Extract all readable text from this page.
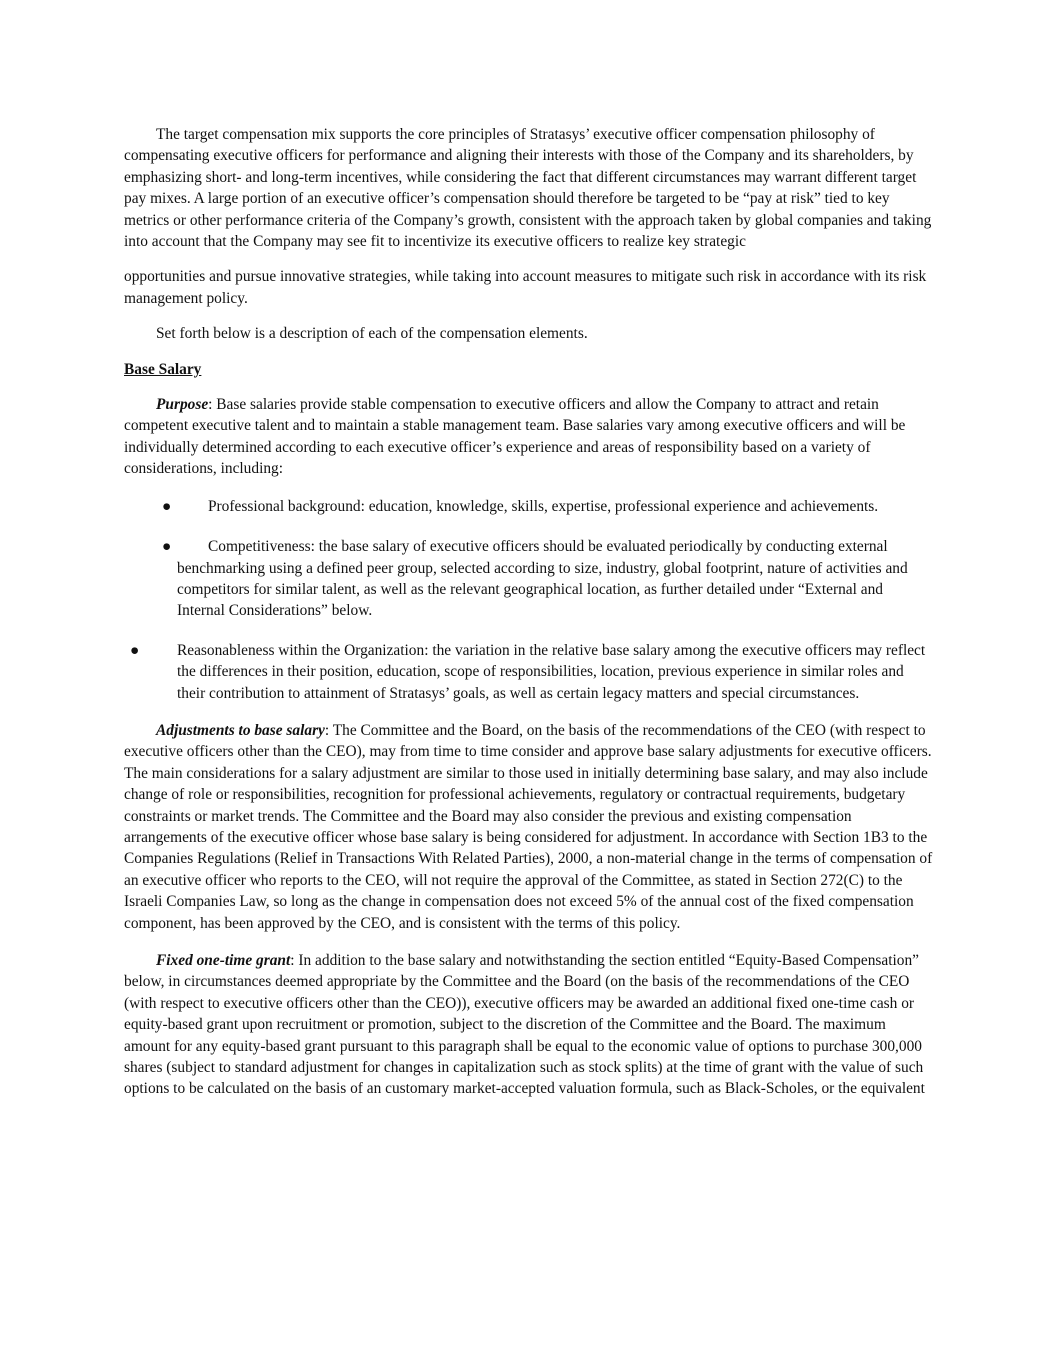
The target compensation mix supports the core principles of Stratasys’ executive officer compensation philosophy of compensating executive officers for performance and aligning their interests with those of the Company and its shareholders, by emphasizing short- and long-term incentives, while considering the fact that different circumstances may warrant different target pay mixes. A large portion of an executive officer’s compensation should therefore be targeted to be “pay at risk” tied to key metrics or other performance criteria of the Company’s growth, consistent with the approach taken by global companies and taking into account that the Company may see fit to incentivize its executive officers to realize key strategic

opportunities and pursue innovative strategies, while taking into account measures to mitigate such risk in accordance with its risk management policy.

Set forth below is a description of each of the compensation elements.

Base Salary

Purpose: Base salaries provide stable compensation to executive officers and allow the Company to attract and retain competent executive talent and to maintain a stable management team. Base salaries vary among executive officers and will be individually determined according to each executive officer’s experience and areas of responsibility based on a variety of considerations, including:

● Professional background: education, knowledge, skills, expertise, professional experience and achievements.
● Competitiveness: the base salary of executive officers should be evaluated periodically by conducting external benchmarking using a defined peer group, selected according to size, industry, global footprint, nature of activities and competitors for similar talent, as well as the relevant geographical location, as further detailed under “External and Internal Considerations” below.
● Reasonableness within the Organization: the variation in the relative base salary among the executive officers may reflect the differences in their position, education, scope of responsibilities, location, previous experience in similar roles and their contribution to attainment of Stratasys’ goals, as well as certain legacy matters and special circumstances.

Adjustments to base salary: The Committee and the Board, on the basis of the recommendations of the CEO (with respect to executive officers other than the CEO), may from time to time consider and approve base salary adjustments for executive officers. The main considerations for a salary adjustment are similar to those used in initially determining base salary, and may also include change of role or responsibilities, recognition for professional achievements, regulatory or contractual requirements, budgetary constraints or market trends. The Committee and the Board may also consider the previous and existing compensation arrangements of the executive officer whose base salary is being considered for adjustment. In accordance with Section 1B3 to the Companies Regulations (Relief in Transactions With Related Parties), 2000, a non-material change in the terms of compensation of an executive officer who reports to the CEO, will not require the approval of the Committee, as stated in Section 272(C) to the Israeli Companies Law, so long as the change in compensation does not exceed 5% of the annual cost of the fixed compensation component, has been approved by the CEO, and is consistent with the terms of this policy.

Fixed one-time grant: In addition to the base salary and notwithstanding the section entitled “Equity-Based Compensation” below, in circumstances deemed appropriate by the Committee and the Board (on the basis of the recommendations of the CEO (with respect to executive officers other than the CEO)), executive officers may be awarded an additional fixed one-time cash or equity-based grant upon recruitment or promotion, subject to the discretion of the Committee and the Board. The maximum amount for any equity-based grant pursuant to this paragraph shall be equal to the economic value of options to purchase 300,000 shares (subject to standard adjustment for changes in capitalization such as stock splits) at the time of grant with the value of such options to be calculated on the basis of an customary market-accepted valuation formula, such as Black-Scholes, or the equivalent
